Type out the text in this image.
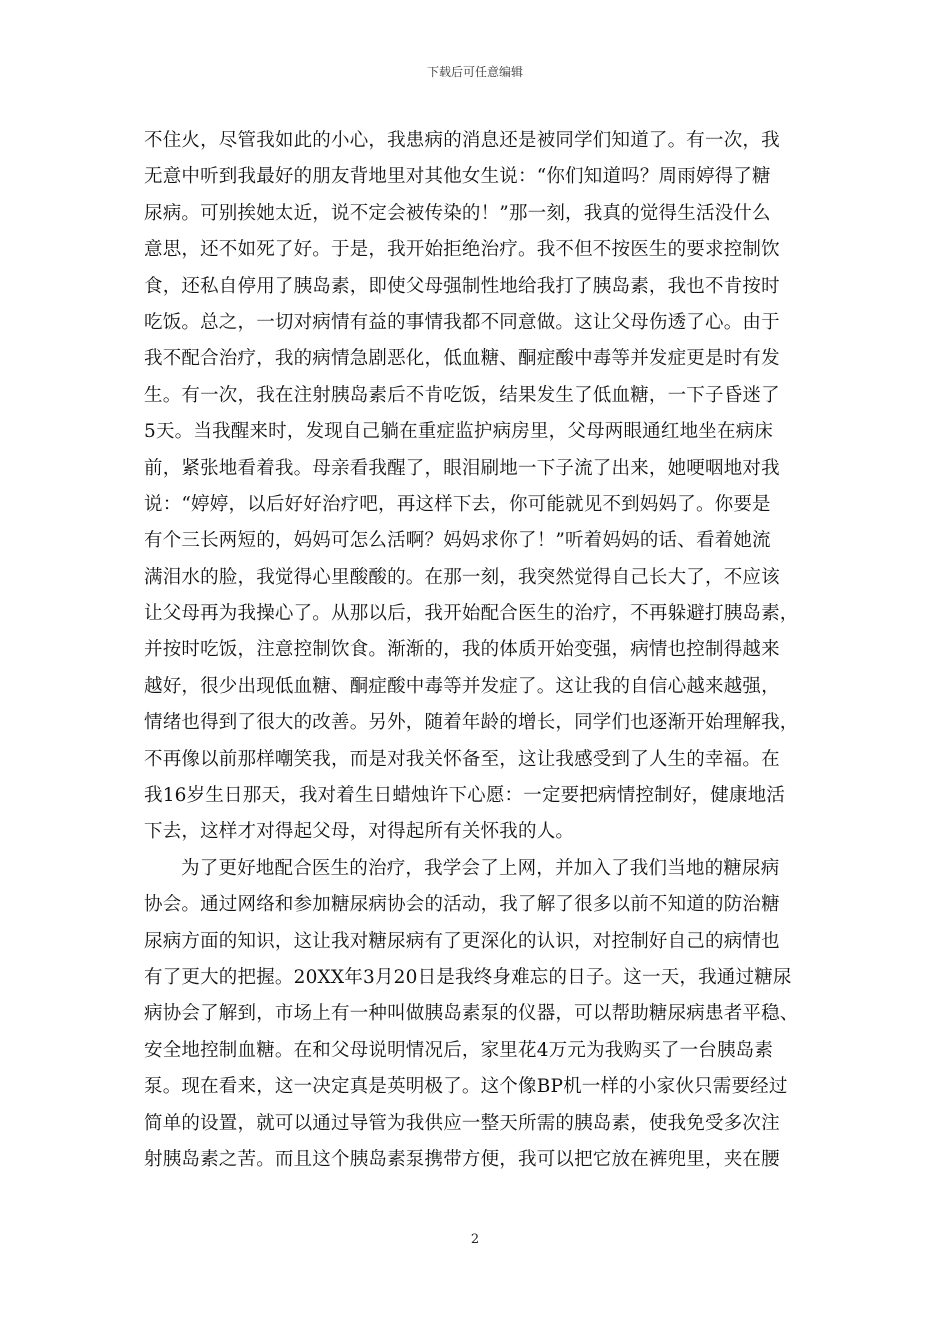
下载后可任意编辑
不住火，尽管我如此的小心，我患病的消息还是被同学们知道了。有一次，我
无意中听到我最好的朋友背地里对其他女生说：“你们知道吗？周雨婷得了糖
尿病。可别挨她太近，说不定会被传染的！”那一刻，我真的觉得生活没什么
意思，还不如死了好。于是，我开始拒绝治疗。我不但不按医生的要求控制饮
食，还私自停用了胰岛素，即使父母强制性地给我打了胰岛素，我也不肯按时
吃饭。总之，一切对病情有益的事情我都不同意做。这让父母伤透了心。由于
我不配合治疗，我的病情急剧恶化，低血糖、酮症酸中毒等并发症更是时有发
生。有一次，我在注射胰岛素后不肯吃饭，结果发生了低血糖，一下子昏迷了
5天。当我醒来时，发现自己躺在重症监护病房里，父母两眼通红地坐在病床
前，紧张地看着我。母亲看我醒了，眼泪刷地一下子流了出来，她哽咽地对我
说：“婷婷，以后好好治疗吧，再这样下去，你可能就见不到妈妈了。你要是
有个三长两短的，妈妈可怎么活啊？妈妈求你了！”听着妈妈的话、看着她流
满泪水的脸，我觉得心里酸酸的。在那一刻，我突然觉得自己长大了，不应该
让父母再为我操心了。从那以后，我开始配合医生的治疗，不再躲避打胰岛素，
并按时吃饭，注意控制饮食。渐渐的，我的体质开始变强，病情也控制得越来
越好，很少出现低血糖、酮症酸中毒等并发症了。这让我的自信心越来越强，
情绪也得到了很大的改善。另外，随着年龄的增长，同学们也逐渐开始理解我，
不再像以前那样嘲笑我，而是对我关怀备至，这让我感受到了人生的幸福。在
我16岁生日那天，我对着生日蜡烛许下心愿：一定要把病情控制好，健康地活
下去，这样才对得起父母，对得起所有关怀我的人。
为了更好地配合医生的治疗，我学会了上网，并加入了我们当地的糖尿病
协会。通过网络和参加糖尿病协会的活动，我了解了很多以前不知道的防治糖
尿病方面的知识，这让我对糖尿病有了更深化的认识，对控制好自己的病情也
有了更大的把握。20XX年3月20日是我终身难忘的日子。这一天，我通过糖尿
病协会了解到，市场上有一种叫做胰岛素泵的仪器，可以帮助糖尿病患者平稳、
安全地控制血糖。在和父母说明情况后，家里花4万元为我购买了一台胰岛素
泵。现在看来，这一决定真是英明极了。这个像BP机一样的小家伙只需要经过
简单的设置，就可以通过导管为我供应一整天所需的胰岛素，使我免受多次注
射胰岛素之苦。而且这个胰岛素泵携带方便，我可以把它放在裤兜里，夹在腰
2
